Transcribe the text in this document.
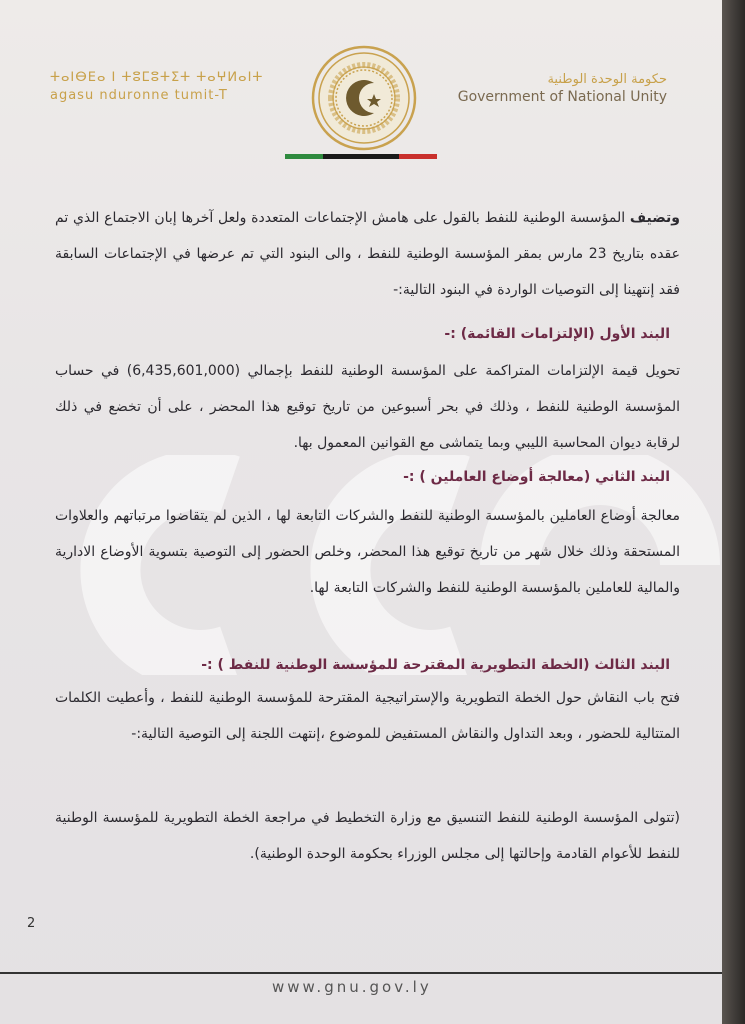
ⵜⴰⵏⴱⴹⴰ ⵏ ⵜⵓⵎⵓⵜⵉⵜ ⵜⴰⵖⵍⴰⵏⵜ
agasu nduronne tumit-T
حكومة الوحدة الوطنية
Government of National Unity
وتضيف المؤسسة الوطنية للنفط بالقول على هامش الإجتماعات المتعددة ولعل آخرها إبان الاجتماع الذي تم عقده بتاريخ 23 مارس بمقر المؤسسة الوطنية للنفط ، والى البنود التي تم عرضها في الإجتماعات السابقة فقد إنتهينا إلى التوصيات الواردة في البنود التالية:-
البند الأول (الإلتزامات القائمة) :-
تحويل قيمة الإلتزامات المتراكمة على المؤسسة الوطنية للنفط بإجمالي (6,435,601,000) في حساب المؤسسة الوطنية للنفط ، وذلك في بحر أسبوعين من تاريخ توقيع هذا المحضر ، على أن تخضع في ذلك لرقابة ديوان المحاسبة الليبي وبما يتماشى مع القوانين المعمول بها.
البند الثاني (معالجة أوضاع العاملين ) :-
معالجة أوضاع العاملين بالمؤسسة الوطنية للنفط والشركات التابعة لها ، الذين لم يتقاضوا مرتباتهم والعلاوات المستحقة وذلك خلال شهر من تاريخ توقيع هذا المحضر، وخلص الحضور إلى التوصية بتسوية الأوضاع الادارية والمالية للعاملين بالمؤسسة الوطنية للنفط والشركات التابعة لها.
البند الثالث (الخطة التطويرية المقترحة للمؤسسة الوطنية للنفط ) :-
فتح باب النقاش حول الخطة التطويرية والإستراتيجية المقترحة للمؤسسة الوطنية للنفط ، وأعطيت الكلمات المتتالية للحضور ، وبعد التداول والنقاش المستفيض للموضوع ،إنتهت اللجنة إلى التوصية التالية:-
(تتولى المؤسسة الوطنية للنفط التنسيق مع وزارة التخطيط في مراجعة الخطة التطويرية للمؤسسة الوطنية للنفط للأعوام القادمة وإحالتها إلى مجلس الوزراء بحكومة الوحدة الوطنية).
2
www.gnu.gov.ly
